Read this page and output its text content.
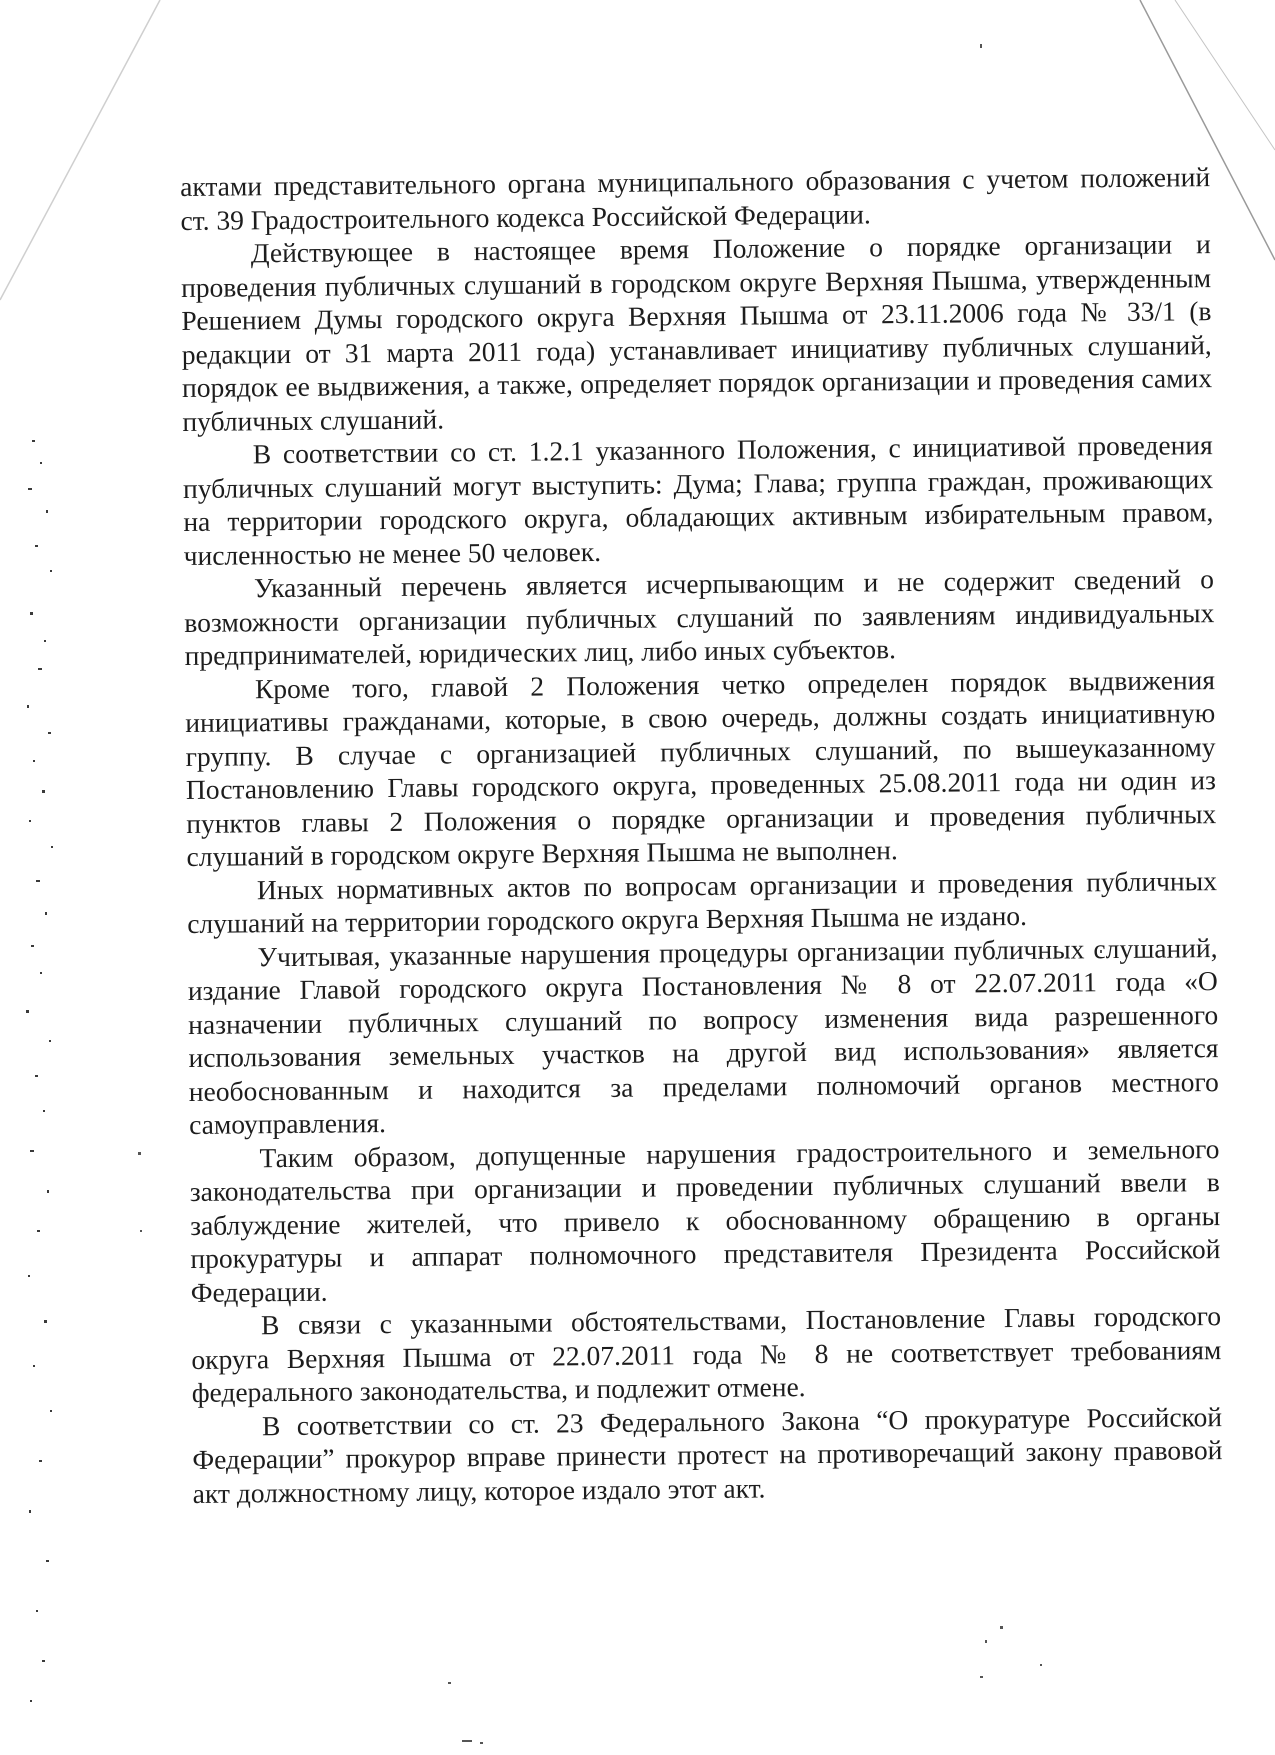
актами представительного органа муниципального образования с учетом положений ст. 39 Градостроительного кодекса Российской Федерации.

Действующее в настоящее время Положение о порядке организации и проведения публичных слушаний в городском округе Верхняя Пышма, утвержденным Решением Думы городского округа Верхняя Пышма от 23.11.2006 года № 33/1 (в редакции от 31 марта 2011 года) устанавливает инициативу публичных слушаний, порядок ее выдвижения, а также, определяет порядок организации и проведения самих публичных слушаний.

В соответствии со ст. 1.2.1 указанного Положения, с инициативой проведения публичных слушаний могут выступить: Дума; Глава; группа граждан, проживающих на территории городского округа, обладающих активным избирательным правом, численностью не менее 50 человек.

Указанный перечень является исчерпывающим и не содержит сведений о возможности организации публичных слушаний по заявлениям индивидуальных предпринимателей, юридических лиц, либо иных субъектов.

Кроме того, главой 2 Положения четко определен порядок выдвижения инициативы гражданами, которые, в свою очередь, должны создать инициативную группу. В случае с организацией публичных слушаний, по вышеуказанному Постановлению Главы городского округа, проведенных 25.08.2011 года ни один из пунктов главы 2 Положения о порядке организации и проведения публичных слушаний в городском округе Верхняя Пышма не выполнен.

Иных нормативных актов по вопросам организации и проведения публичных слушаний на территории городского округа Верхняя Пышма не издано.

Учитывая, указанные нарушения процедуры организации публичных слушаний, издание Главой городского округа Постановления № 8 от 22.07.2011 года «О назначении публичных слушаний по вопросу изменения вида разрешенного использования земельных участков на другой вид использования» является необоснованным и находится за пределами полномочий органов местного самоуправления.

Таким образом, допущенные нарушения градостроительного и земельного законодательства при организации и проведении публичных слушаний ввели в заблуждение жителей, что привело к обоснованному обращению в органы прокуратуры и аппарат полномочного представителя Президента Российской Федерации.

В связи с указанными обстоятельствами, Постановление Главы городского округа Верхняя Пышма от 22.07.2011 года № 8 не соответствует требованиям федерального законодательства, и подлежит отмене.

В соответствии со ст. 23 Федерального Закона “О прокуратуре Российской Федерации” прокурор вправе принести протест на противоречащий закону правовой акт должностному лицу, которое издало этот акт.
